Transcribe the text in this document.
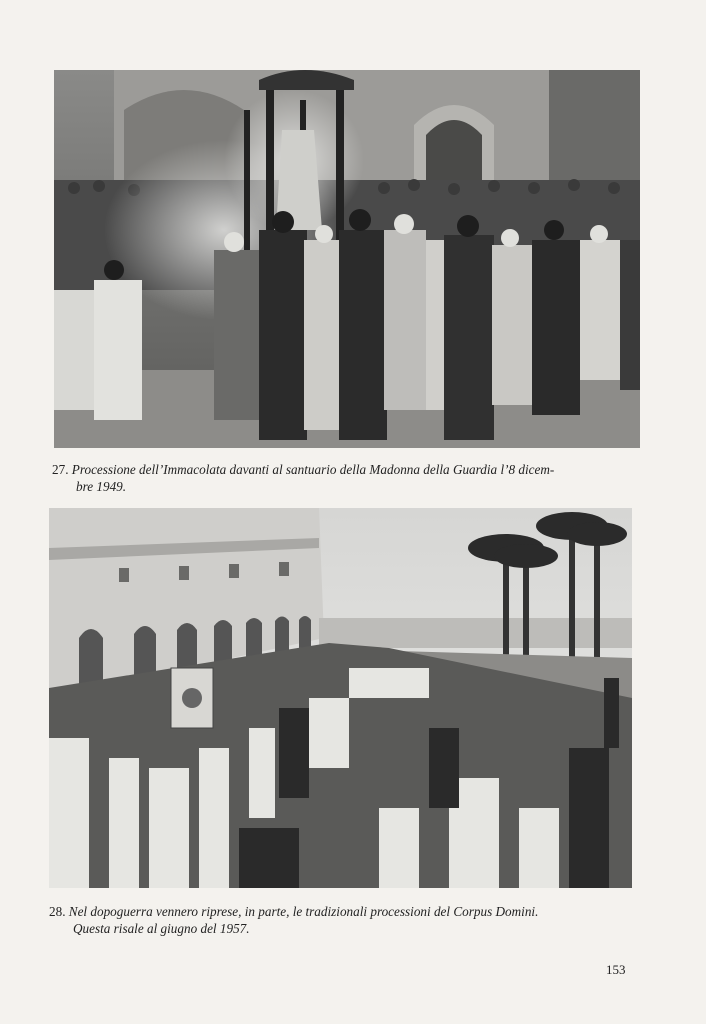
27. Processione dell’Immacolata davanti al santuario della Madonna della Guardia l’8 dicem-
bre 1949.
28. Nel dopoguerra vennero riprese, in parte, le tradizionali processioni del Corpus Domini.
Questa risale al giugno del 1957.
153
